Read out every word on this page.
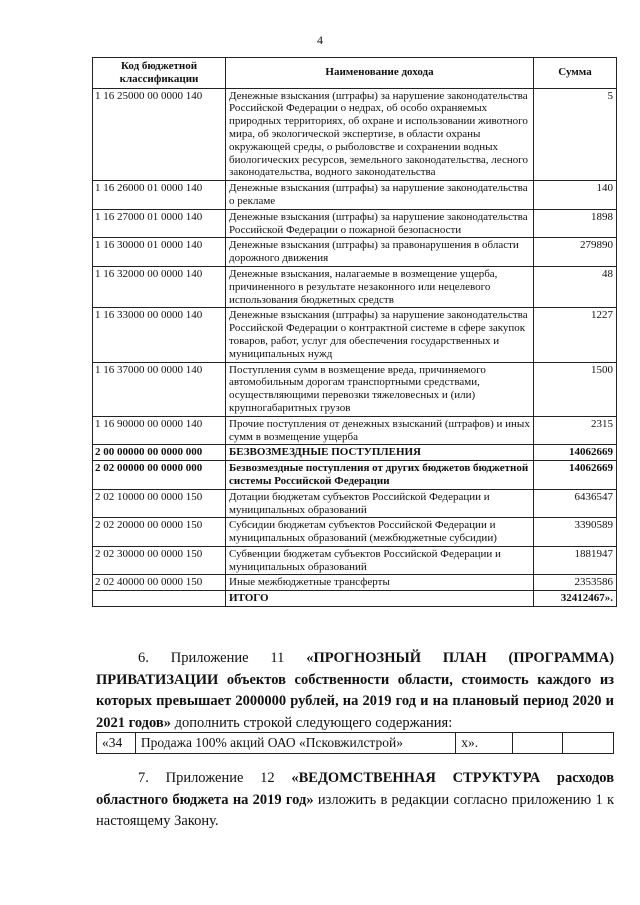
4
Код бюджетной классификации	Наименование дохода	Сумма
1 16 25000 00 0000 140	Денежные взыскания (штрафы) за нарушение законодательства Российской Федерации о недрах, об особо охраняемых природных территориях, об охране и использовании животного мира, об экологической экспертизе, в области охраны окружающей среды, о рыболовстве и сохранении водных биологических ресурсов, земельного законодательства, лесного законодательства, водного законодательства	5
1 16 26000 01 0000 140	Денежные взыскания (штрафы) за нарушение законодательства о рекламе	140
1 16 27000 01 0000 140	Денежные взыскания (штрафы) за нарушение законодательства Российской Федерации о пожарной безопасности	1898
1 16 30000 01 0000 140	Денежные взыскания (штрафы) за правонарушения в области дорожного движения	279890
1 16 32000 00 0000 140	Денежные взыскания, налагаемые в возмещение ущерба, причиненного в результате незаконного или нецелевого использования бюджетных средств	48
1 16 33000 00 0000 140	Денежные взыскания (штрафы) за нарушение законодательства Российской Федерации о контрактной системе в сфере закупок товаров, работ, услуг для обеспечения государственных и муниципальных нужд	1227
1 16 37000 00 0000 140	Поступления сумм в возмещение вреда, причиняемого автомобильным дорогам транспортными средствами, осуществляющими перевозки тяжеловесных и (или) крупногабаритных грузов	1500
1 16 90000 00 0000 140	Прочие поступления от денежных взысканий (штрафов) и иных сумм в возмещение ущерба	2315
2 00 00000 00 0000 000	БЕЗВОЗМЕЗДНЫЕ ПОСТУПЛЕНИЯ	14062669
2 02 00000 00 0000 000	Безвозмездные поступления от других бюджетов бюджетной системы Российской Федерации	14062669
2 02 10000 00 0000 150	Дотации бюджетам субъектов Российской Федерации и муниципальных образований	6436547
2 02 20000 00 0000 150	Субсидии бюджетам субъектов Российской Федерации и муниципальных образований (межбюджетные субсидии)	3390589
2 02 30000 00 0000 150	Субвенции бюджетам субъектов Российской Федерации и муниципальных образований	1881947
2 02 40000 00 0000 150	Иные межбюджетные трансферты	2353586
	ИТОГО	32412467».
6. Приложение 11 «ПРОГНОЗНЫЙ ПЛАН (ПРОГРАММА) ПРИВАТИЗАЦИИ объектов собственности области, стоимость каждого из которых превышает 2000000 рублей, на 2019 год и на плановый период 2020 и 2021 годов» дополнить строкой следующего содержания:
«34	Продажа 100% акций ОАО «Псковжилстрой»	х».		
7. Приложение 12 «ВЕДОМСТВЕННАЯ СТРУКТУРА расходов областного бюджета на 2019 год» изложить в редакции согласно приложению 1 к настоящему Закону.
